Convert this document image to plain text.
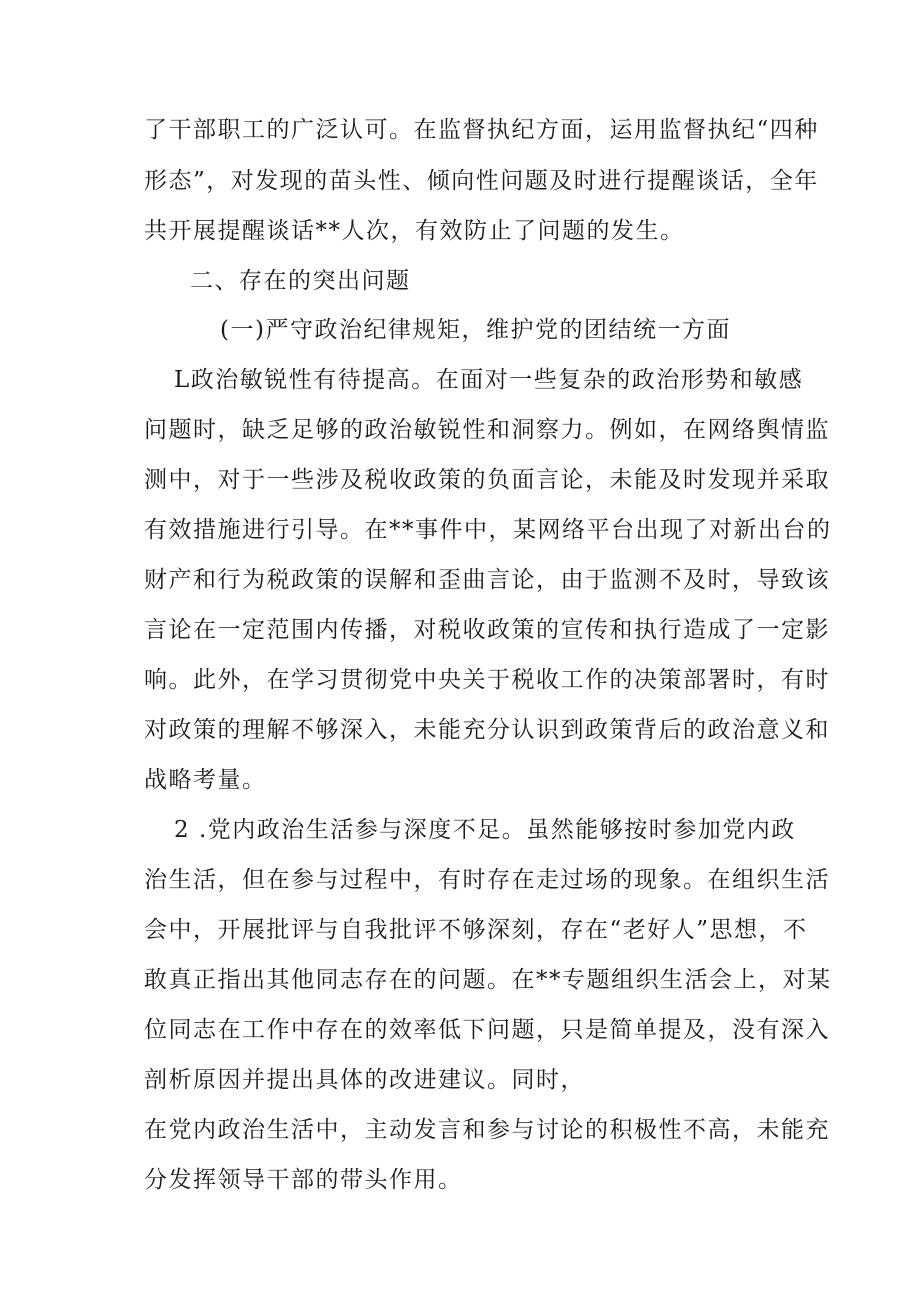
了干部职工的广泛认可。在监督执纪方面，运用监督执纪“四种
形态”，对发现的苗头性、倾向性问题及时进行提醒谈话，全年
共开展提醒谈话**人次，有效防止了问题的发生。
二、存在的突出问题
(一)严守政治纪律规矩，维护党的团结统一方面
L政治敏锐性有待提高。在面对一些复杂的政治形势和敏感
问题时，缺乏足够的政治敏锐性和洞察力。例如，在网络舆情监
测中，对于一些涉及税收政策的负面言论，未能及时发现并采取
有效措施进行引导。在**事件中，某网络平台出现了对新出台的
财产和行为税政策的误解和歪曲言论，由于监测不及时，导致该
言论在一定范围内传播，对税收政策的宣传和执行造成了一定影
响。此外，在学习贯彻党中央关于税收工作的决策部署时，有时
对政策的理解不够深入，未能充分认识到政策背后的政治意义和
战略考量。
2 .党内政治生活参与深度不足。虽然能够按时参加党内政
治生活，但在参与过程中，有时存在走过场的现象。在组织生活
会中，开展批评与自我批评不够深刻，存在“老好人”思想，不
敢真正指出其他同志存在的问题。在**专题组织生活会上，对某
位同志在工作中存在的效率低下问题，只是简单提及，没有深入
剖析原因并提出具体的改进建议。同时，
在党内政治生活中，主动发言和参与讨论的积极性不高，未能充
分发挥领导干部的带头作用。
